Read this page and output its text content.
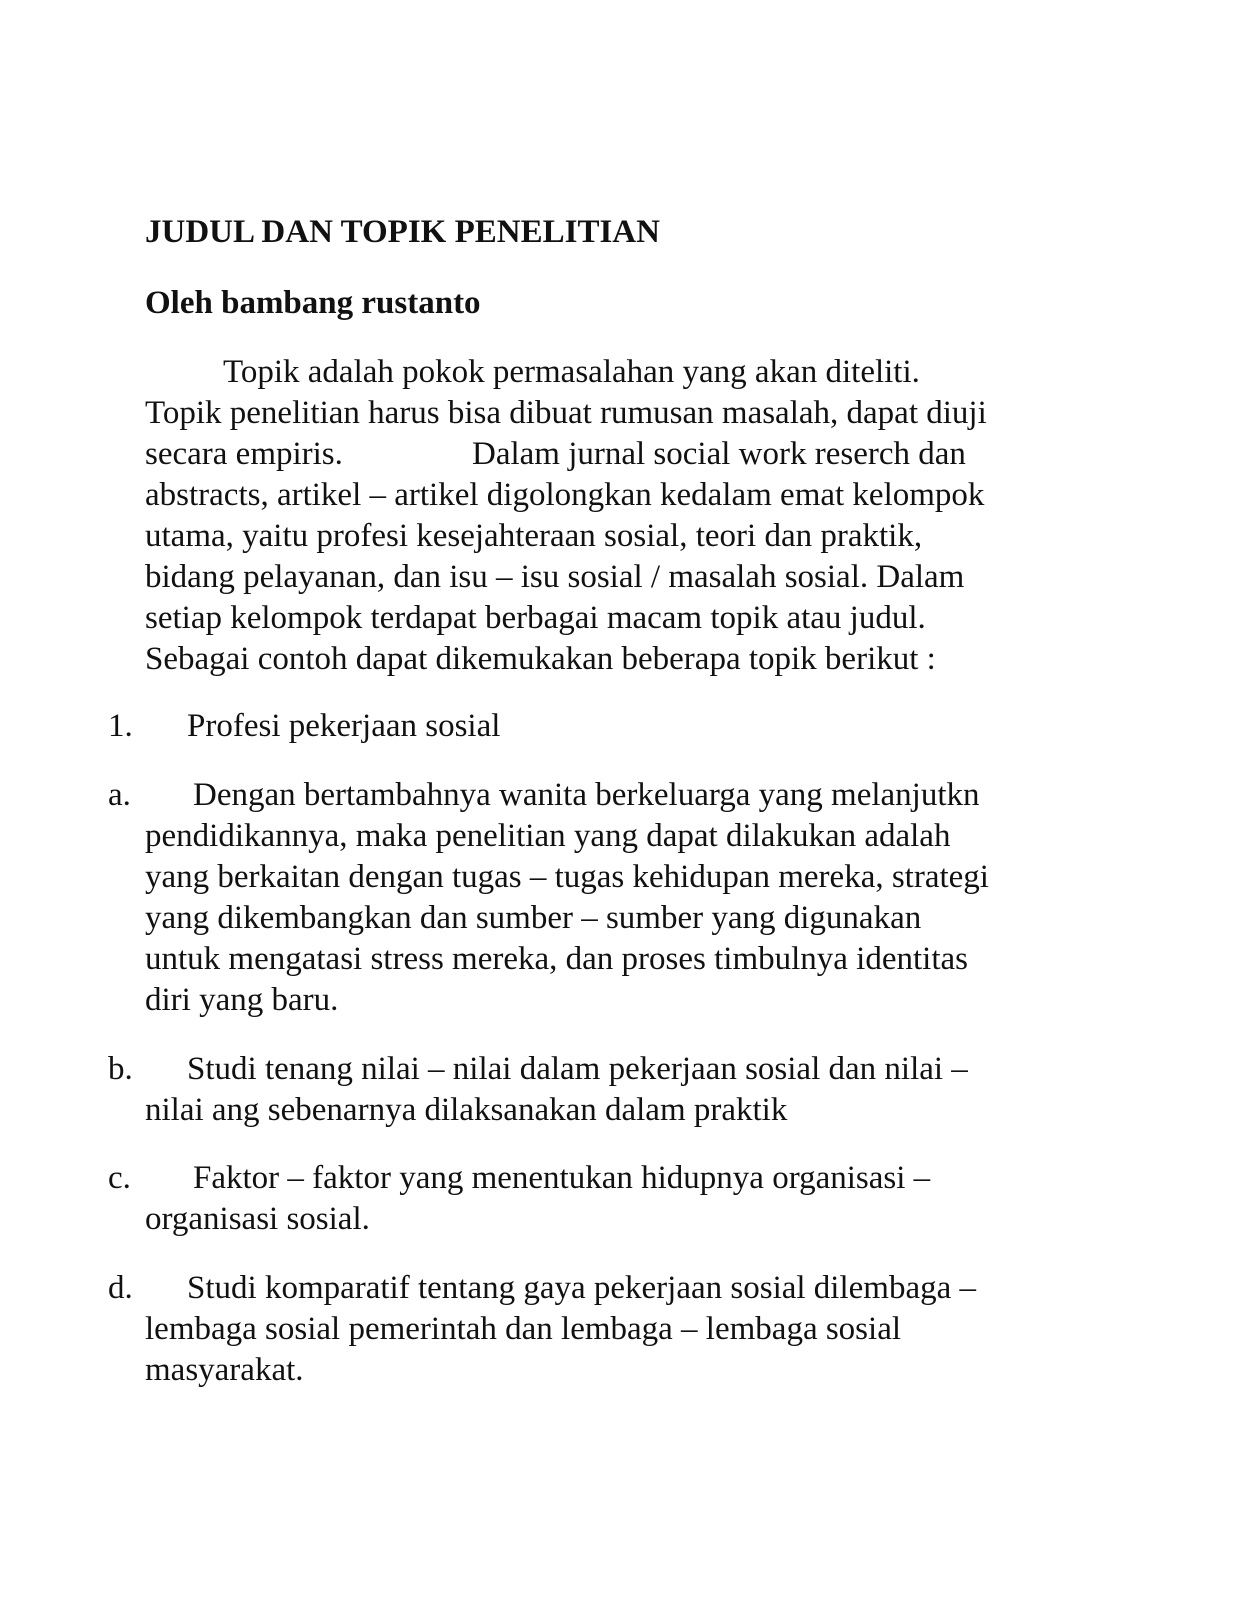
JUDUL DAN TOPIK PENELITIAN
Oleh bambang rustanto
Topik adalah pokok permasalahan yang akan diteliti.
Topik penelitian harus bisa dibuat rumusan masalah, dapat diuji
secara empiris.	Dalam jurnal social work reserch dan
abstracts, artikel – artikel digolongkan kedalam emat kelompok
utama, yaitu profesi kesejahteraan sosial, teori dan praktik,
bidang pelayanan, dan isu – isu sosial / masalah sosial. Dalam
setiap kelompok terdapat berbagai macam topik atau judul.
Sebagai contoh dapat dikemukakan beberapa topik berikut :
1. Profesi pekerjaan sosial
a. Dengan bertambahnya wanita berkeluarga yang melanjutkn
pendidikannya, maka penelitian yang dapat dilakukan adalah
yang berkaitan dengan tugas – tugas kehidupan mereka, strategi
yang dikembangkan dan sumber – sumber yang digunakan
untuk mengatasi stress mereka, dan proses timbulnya identitas
diri yang baru.
b. Studi tenang nilai – nilai dalam pekerjaan sosial dan nilai –
nilai ang sebenarnya dilaksanakan dalam praktik
c. Faktor – faktor yang menentukan hidupnya organisasi –
organisasi sosial.
d. Studi komparatif tentang gaya pekerjaan sosial dilembaga –
lembaga sosial pemerintah dan lembaga – lembaga sosial
masyarakat.
